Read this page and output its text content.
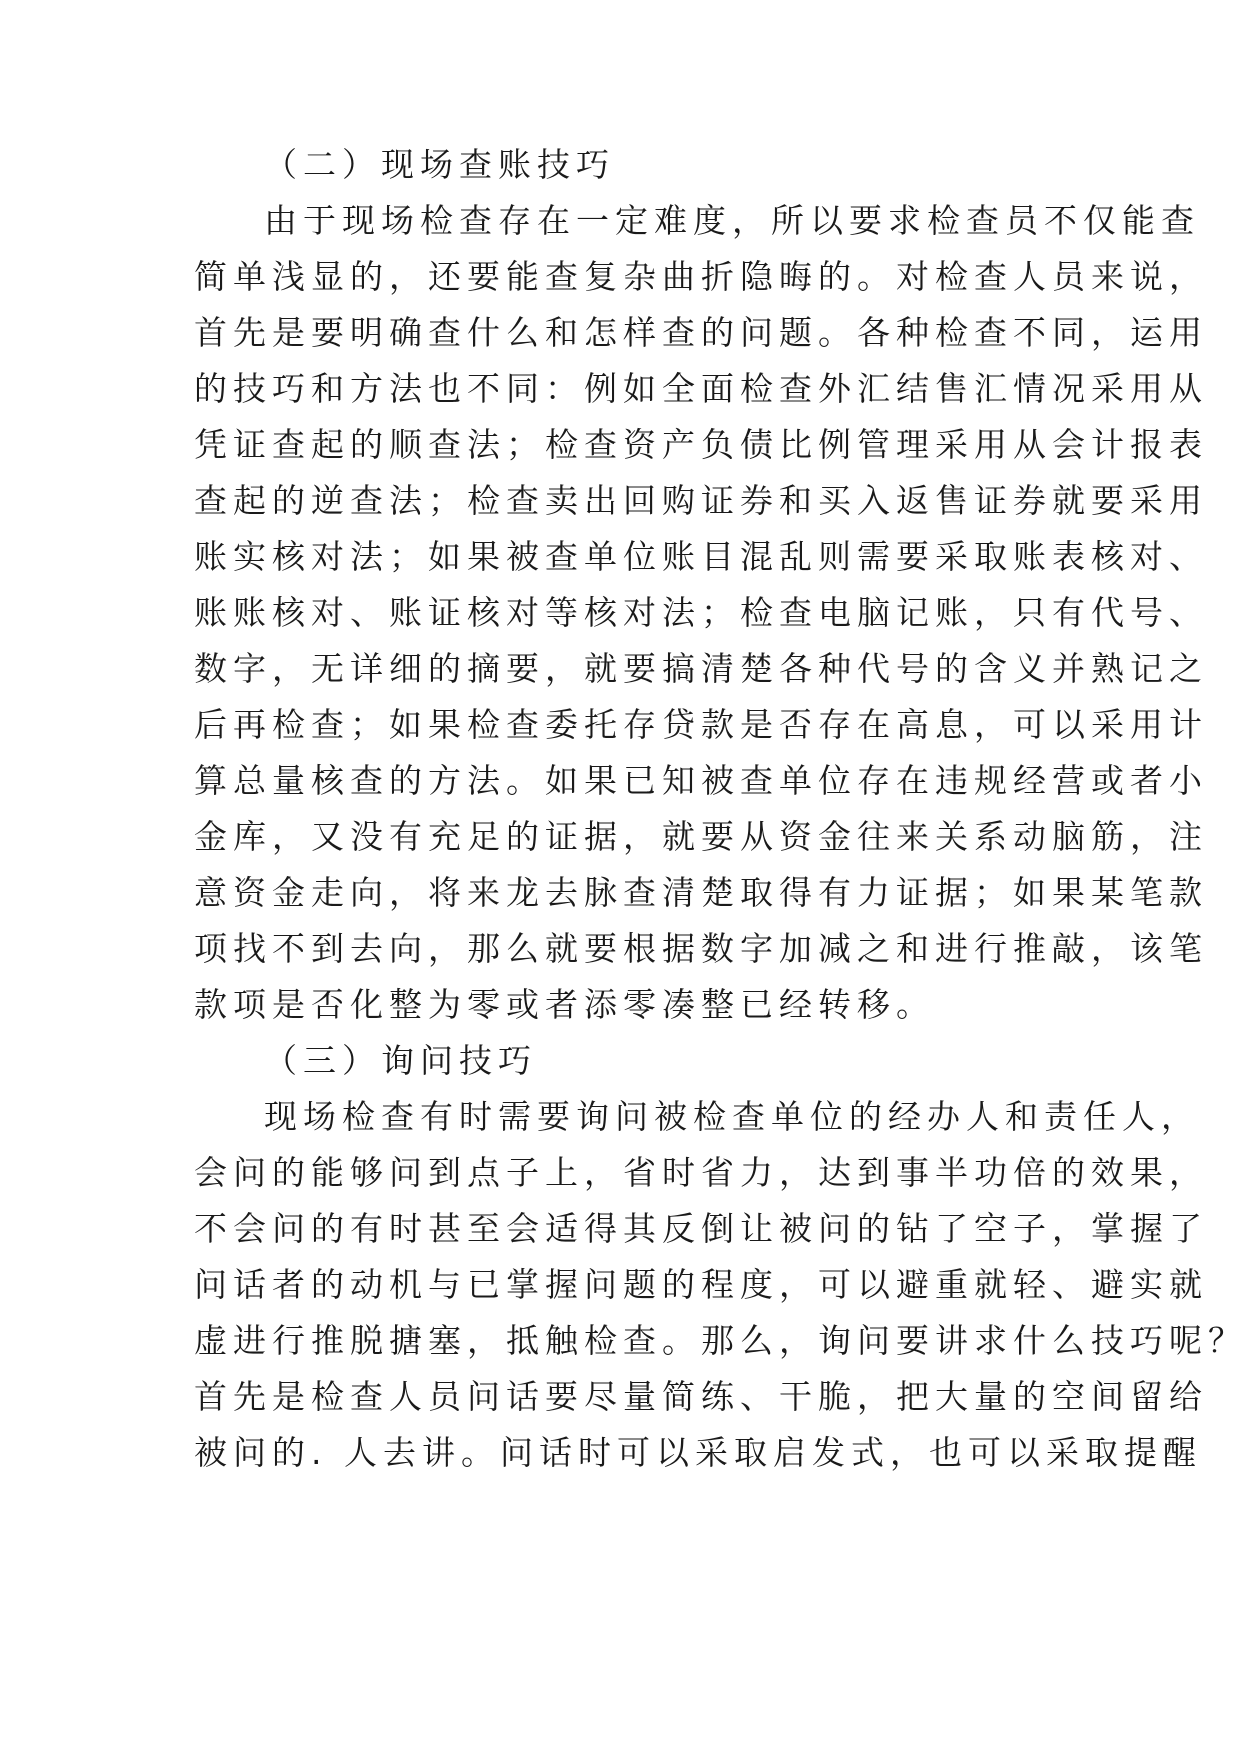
（二）现场查账技巧
由于现场检查存在一定难度，所以要求检查员不仅能查
简单浅显的，还要能查复杂曲折隐晦的。对检查人员来说，
首先是要明确查什么和怎样查的问题。各种检查不同，运用
的技巧和方法也不同：例如全面检查外汇结售汇情况采用从
凭证查起的顺查法；检查资产负债比例管理采用从会计报表
查起的逆查法；检查卖出回购证券和买入返售证券就要采用
账实核对法；如果被查单位账目混乱则需要采取账表核对、
账账核对、账证核对等核对法；检查电脑记账，只有代号、
数字，无详细的摘要，就要搞清楚各种代号的含义并熟记之
后再检查；如果检查委托存贷款是否存在高息，可以采用计
算总量核查的方法。如果已知被查单位存在违规经营或者小
金库，又没有充足的证据，就要从资金往来关系动脑筋，注
意资金走向，将来龙去脉查清楚取得有力证据；如果某笔款
项找不到去向，那么就要根据数字加减之和进行推敲，该笔
款项是否化整为零或者添零凑整已经转移。
（三）询问技巧
现场检查有时需要询问被检查单位的经办人和责任人，
会问的能够问到点子上，省时省力，达到事半功倍的效果，
不会问的有时甚至会适得其反倒让被问的钻了空子，掌握了
问话者的动机与已掌握问题的程度，可以避重就轻、避实就
虚进行推脱搪塞，抵触检查。那么，询问要讲求什么技巧呢？
首先是检查人员问话要尽量简练、干脆，把大量的空间留给
被问的. 人去讲。问话时可以采取启发式，也可以采取提醒
